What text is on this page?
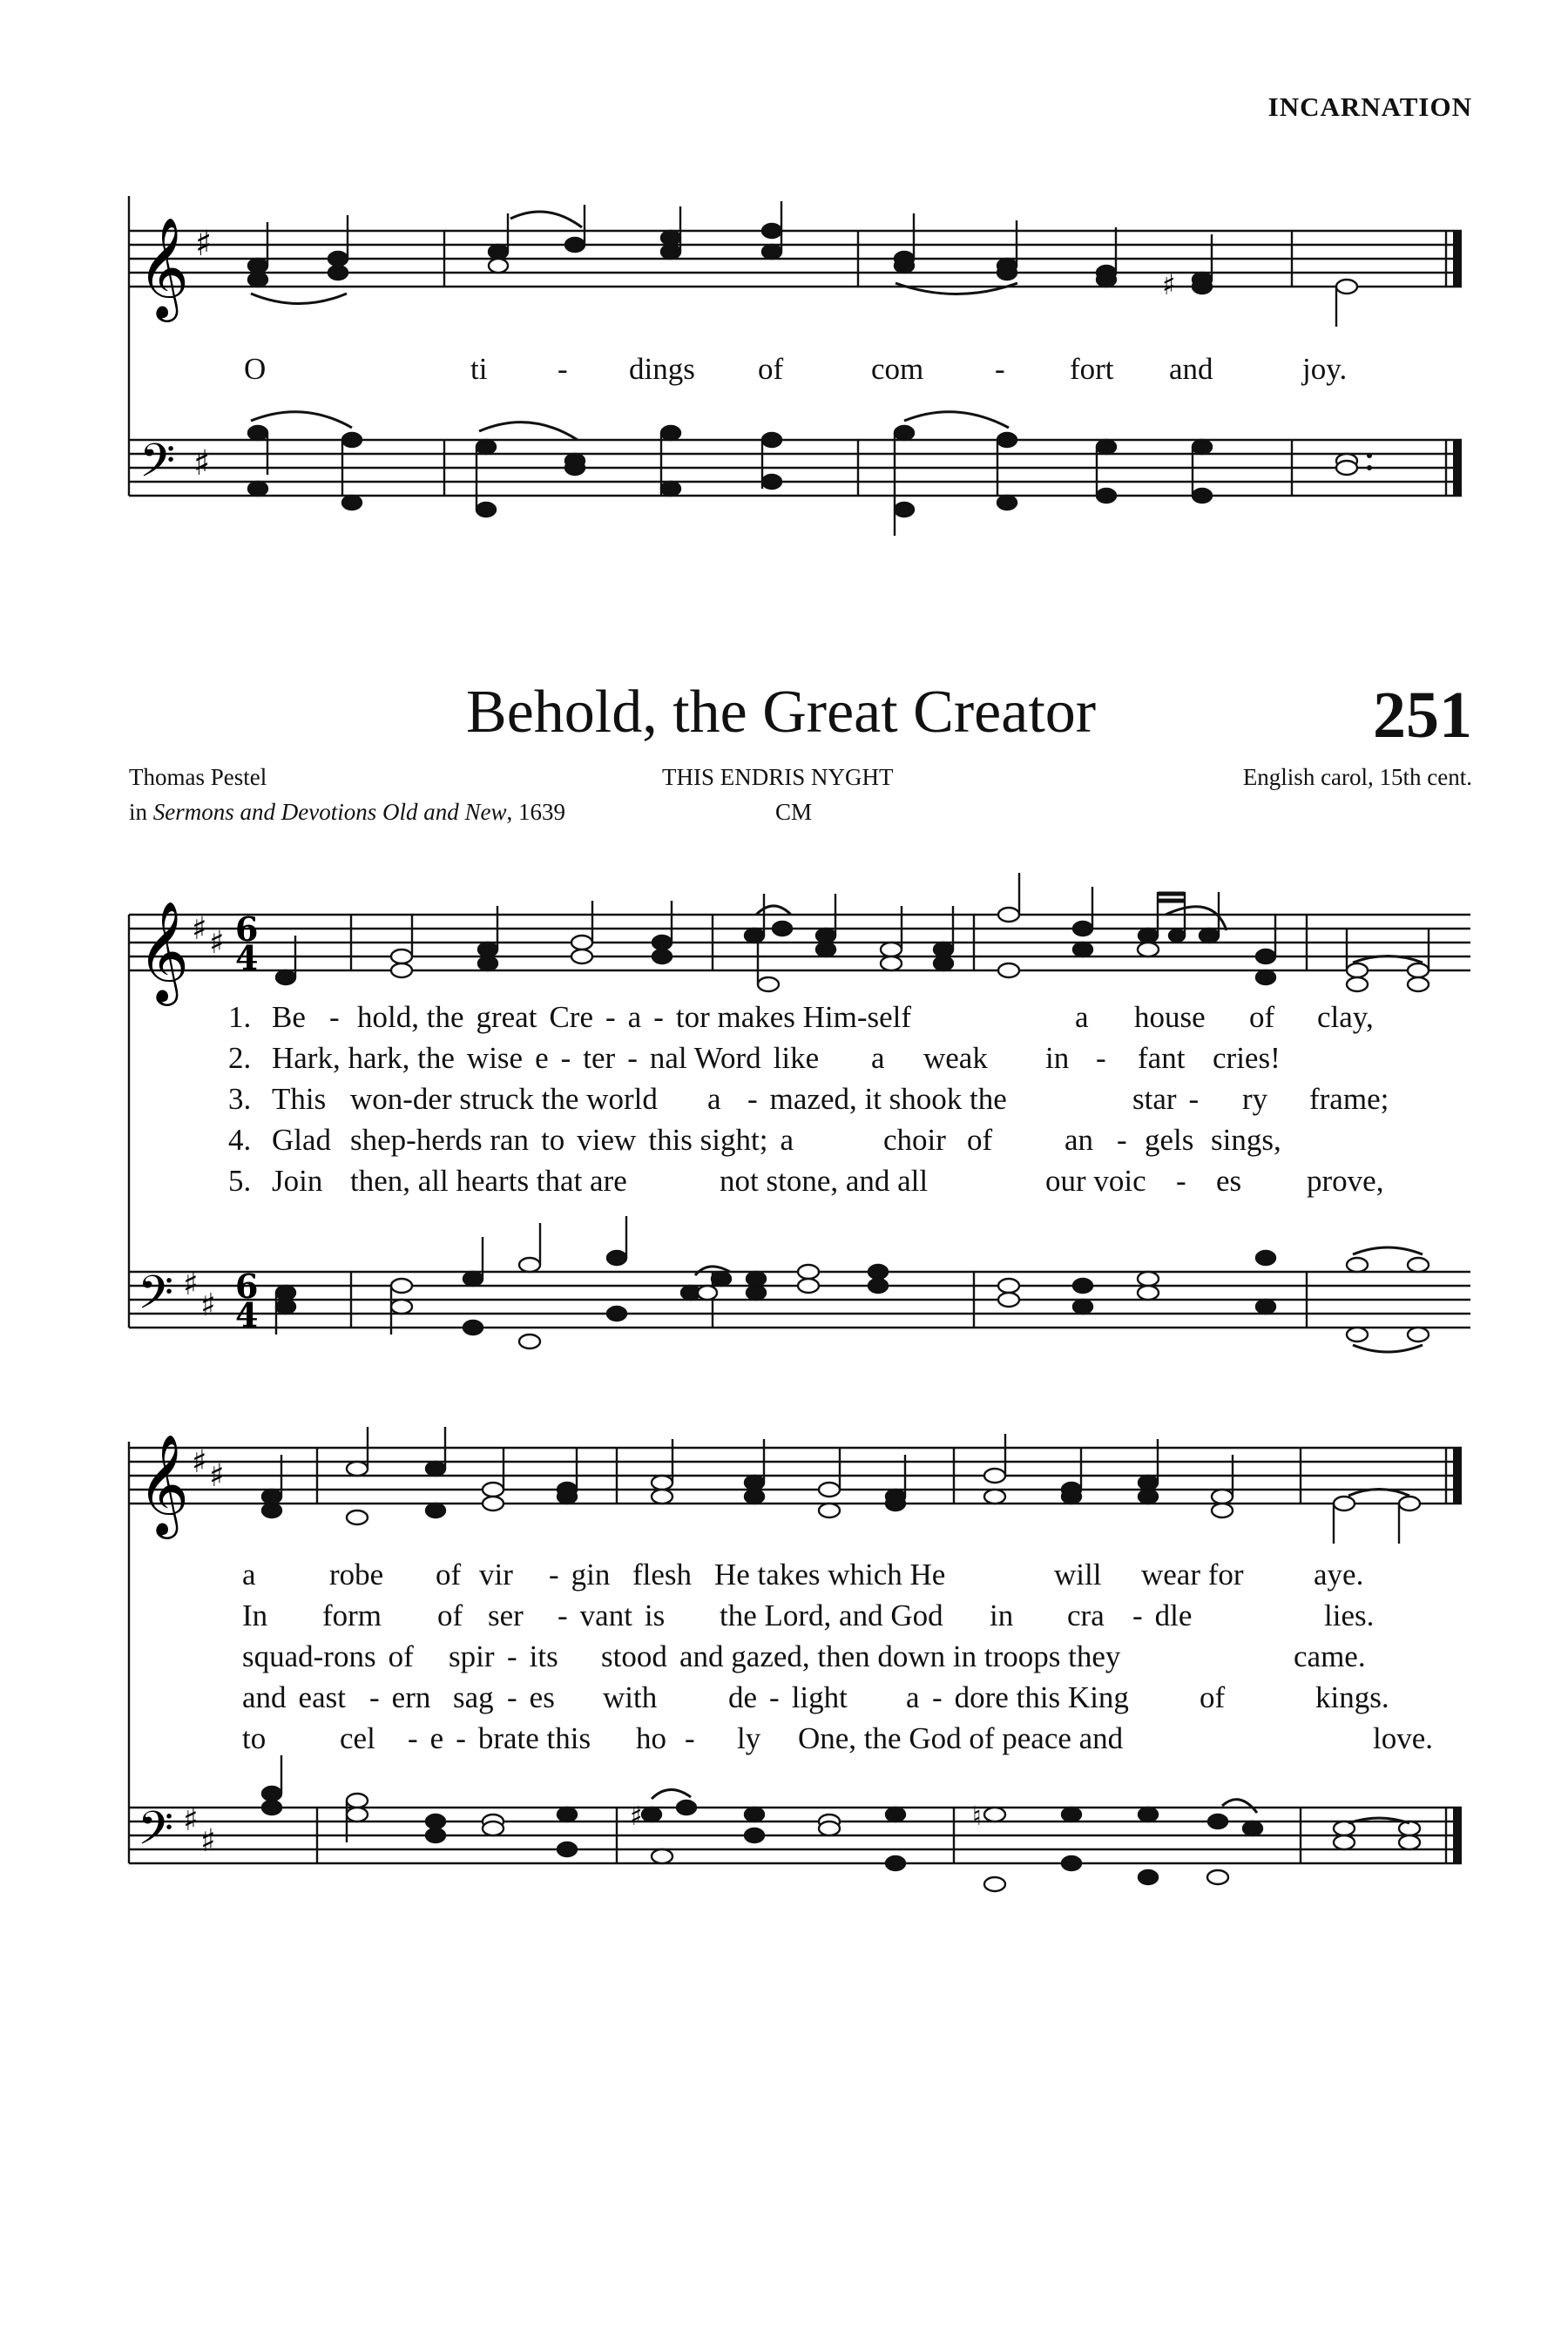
INCARNATION
𝄞 ♯
♯
O	ti - dings of	com - fort and	joy.
𝄢 ♯
Behold, the Great Creator	251
Thomas Pestel
in Sermons and Devotions Old and New, 1639
THIS ENDRIS NYGHT
CM
English carol, 15th cent.
𝄞 ♯ ♯ 6
4
1. Be - hold, the great Cre - a - tor makes Him-self	a house of clay,
2. Hark, hark, the wise e - ter - nal Word like a weak in - fant cries!
3. This won-der struck the world a - mazed, it shook the	star - ry frame;
4. Glad shep-herds ran to view this sight; a	choir of an - gels sings,
5. Join then, all hearts that are	not stone, and all	our voic - es prove,
𝄢 ♯
♯ 6
4
𝄞 ♯ ♯
a robe of vir - gin flesh He takes which He	will wear for aye.
In form of ser - vant is the Lord, and God in cra - dle	lies.
squad-rons of spir - its stood and gazed, then down in troops they	came.
and east - ern sag - es with de - light a - dore this King of	kings.
to cel - e - brate this ho - ly One, the God of peace and	love.
𝄢 ♯
♯
♯	♮
